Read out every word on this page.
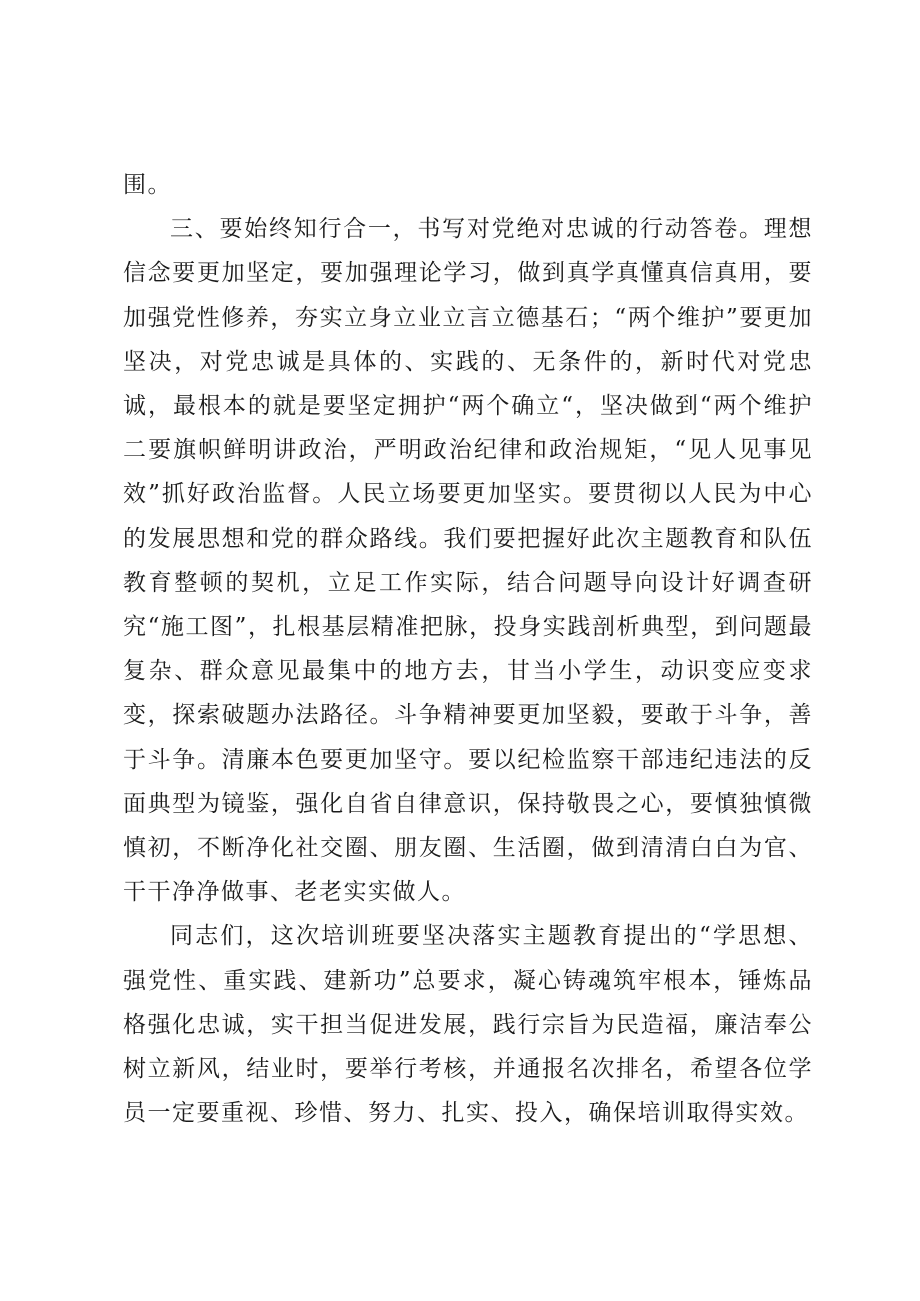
围。

三、要始终知行合一，书写对党绝对忠诚的行动答卷。理想信念要更加坚定，要加强理论学习，做到真学真懂真信真用，要加强党性修养，夯实立身立业立言立德基石；“两个维护”要更加坚决，对党忠诚是具体的、实践的、无条件的，新时代对党忠诚，最根本的就是要坚定拥护“两个确立“，坚决做到“两个维护二要旗帜鲜明讲政治，严明政治纪律和政治规矩，“见人见事见效”抓好政治监督。人民立场要更加坚实。要贯彻以人民为中心的发展思想和党的群众路线。我们要把握好此次主题教育和队伍教育整顿的契机，立足工作实际，结合问题导向设计好调查研究“施工图”，扎根基层精准把脉，投身实践剖析典型，到问题最复杂、群众意见最集中的地方去，甘当小学生，动识变应变求变，探索破题办法路径。斗争精神要更加坚毅，要敢于斗争，善于斗争。清廉本色要更加坚守。要以纪检监察干部违纪违法的反面典型为镜鉴，强化自省自律意识，保持敬畏之心，要慎独慎微慎初，不断净化社交圈、朋友圈、生活圈，做到清清白白为官、干干净净做事、老老实实做人。

同志们，这次培训班要坚决落实主题教育提出的“学思想、强党性、重实践、建新功”总要求，凝心铸魂筑牢根本，锤炼品格强化忠诚，实干担当促进发展，践行宗旨为民造福，廉洁奉公树立新风，结业时，要举行考核，并通报名次排名，希望各位学员一定要重视、珍惜、努力、扎实、投入，确保培训取得实效。
